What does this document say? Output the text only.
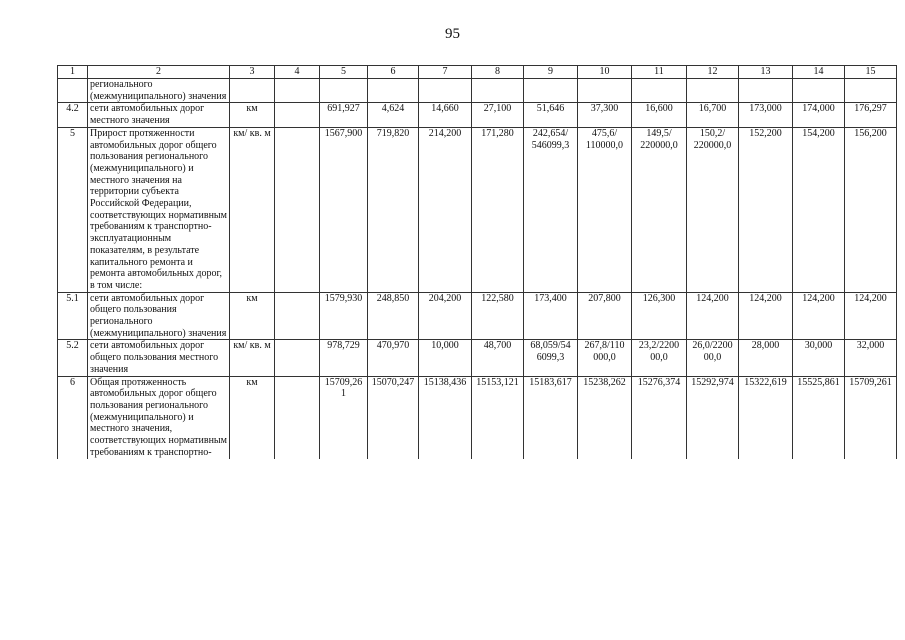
95
1	2	3	4	5	6	7	8	9	10	11	12	13	14	15
	регионального (межмуниципального) значения													
4.2	сети автомобильных дорог местного значения	км		691,927	4,624	14,660	27,100	51,646	37,300	16,600	16,700	173,000	174,000	176,297
5	Прирост протяженности автомобильных дорог общего пользования регионального (межмуниципального) и местного значения на территории субъекта Российской Федерации, соответствующих нормативным требованиям к транспортно-эксплуатационным показателям, в результате капитального ремонта и ремонта автомобильных дорог, в том числе:	км/ кв. м		1567,900	719,820	214,200	171,280	242,654/ 546099,3	475,6/ 110000,0	149,5/ 220000,0	150,2/ 220000,0	152,200	154,200	156,200
5.1	сети автомобильных дорог общего пользования регионального (межмуниципального) значения	км		1579,930	248,850	204,200	122,580	173,400	207,800	126,300	124,200	124,200	124,200	124,200
5.2	сети автомобильных дорог общего пользования местного значения	км/ кв. м		978,729	470,970	10,000	48,700	68,059/54 6099,3	267,8/110 000,0	23,2/2200 00,0	26,0/2200 00,0	28,000	30,000	32,000
6	Общая протяженность автомобильных дорог общего пользования регионального (межмуниципального) и местного значения, соответствующих нормативным требованиям к транспортно-	км		15709,26 1	15070,247	15138,436	15153,121	15183,617	15238,262	15276,374	15292,974	15322,619	15525,861	15709,261
